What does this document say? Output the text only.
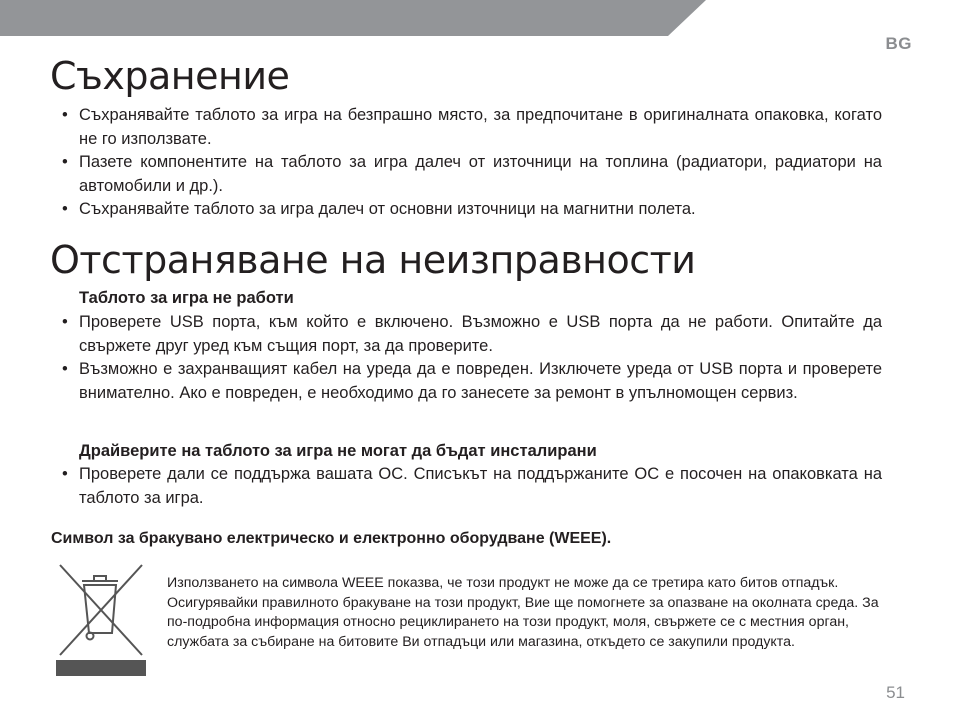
BG
Съхранение
• Съхранявайте таблото за игра на безпрашно място, за предпочитане в оригиналната опаковка, когато не го използвате.
• Пазете компонентите на таблото за игра далеч от източници на топлина (радиатори, радиатори на автомобили и др.).
• Съхранявайте таблото за игра далеч от основни източници на магнитни полета.
Отстраняване на неизправности
Таблото за игра не работи
• Проверете USB порта, към който е включено. Възможно е USB порта да не работи. Опитайте да свържете друг уред към същия порт, за да проверите.
• Възможно е захранващият кабел на уреда да е повреден. Изключете уреда от USB порта и проверете внимателно. Ако е повреден, е необходимо да го занесете за ремонт в упълномощен сервиз.
Драйверите на таблото за игра не могат да бъдат инсталирани
• Проверете дали се поддържа вашата ОС. Списъкът на поддържаните ОС е посочен на опаковката на таблото за игра.
Символ за бракувано електрическо и електронно оборудване (WEEE).
Използването на символа WEEE показва, че този продукт не може да се третира като битов отпадък. Осигурявайки правилното бракуване на този продукт, Вие ще помогнете за опазване на околната среда. За по-подробна информация относно рециклирането на този продукт, моля, свържете се с местния орган, службата за събиране на битовите Ви отпадъци или магазина, откъдето се закупили продукта.
51
